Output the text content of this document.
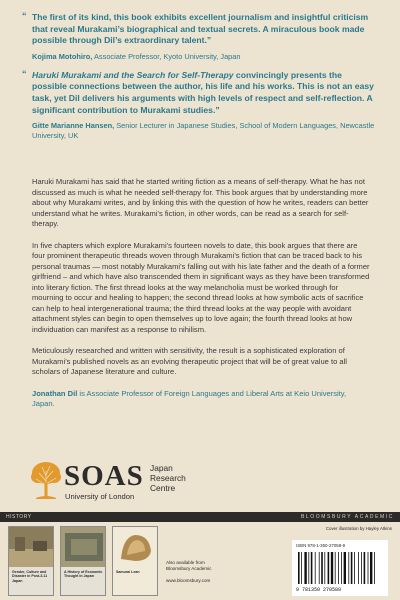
“ The first of its kind, this book exhibits excellent journalism and insightful criticism that reveal Murakami’s biographical and textual secrets. A miraculous book made possible through Dil’s extraordinary talent.”
Kojima Motohiro, Associate Professor, Kyoto University, Japan
“ Haruki Murakami and the Search for Self-Therapy convincingly presents the possible connections between the author, his life and his works. This is not an easy task, yet Dil delivers his arguments with high levels of respect and self-reflection. A significant contribution to Murakami studies.”
Gitte Marianne Hansen, Senior Lecturer in Japanese Studies, School of Modern Languages, Newcastle University, UK

Haruki Murakami has said that he started writing fiction as a means of self-therapy. What he has not discussed as much is what he needed self-therapy for. This book argues that by understanding more about why Murakami writes, and by linking this with the question of how he writes, readers can better understand what he writes. Murakami’s fiction, in other words, can be read as a search for self-therapy.

In five chapters which explore Murakami’s fourteen novels to date, this book argues that there are four prominent therapeutic threads woven through Murakami’s fiction that can be traced back to his personal traumas — most notably Murakami’s falling out with his late father and the death of a former girlfriend – and which have also transcended them in significant ways as they have been transformed into literary fiction. The first thread looks at the way melancholia must be worked through for mourning to occur and healing to happen; the second thread looks at how symbolic acts of sacrifice can help to heal intergenerational trauma; the third thread looks at the way people with avoidant attachment styles can begin to open themselves up to love again; the fourth thread looks at how individuation can manifest as a response to nihilism.

Meticulously researched and written with sensitivity, the result is a sophisticated exploration of Murakami’s published novels as an evolving therapeutic project that will be of great value to all scholars of Japanese literature and culture.

Jonathan Dil is Associate Professor of Foreign Languages and Liberal Arts at Keio University, Japan.
SOAS
University of London
Japan
Research
Centre
HISTORY	BLOOMSBURY ACADEMIC
Gender, Culture and Disaster in Post-3.11 Japan
A History of Economic Thought in Japan
Samurai Lean
Also available from
Bloomsbury Academic
www.bloomsbury.com
Cover illustration by Hayley Atkins
ISBN 978-1-350-27058-9
9 781350 270589
